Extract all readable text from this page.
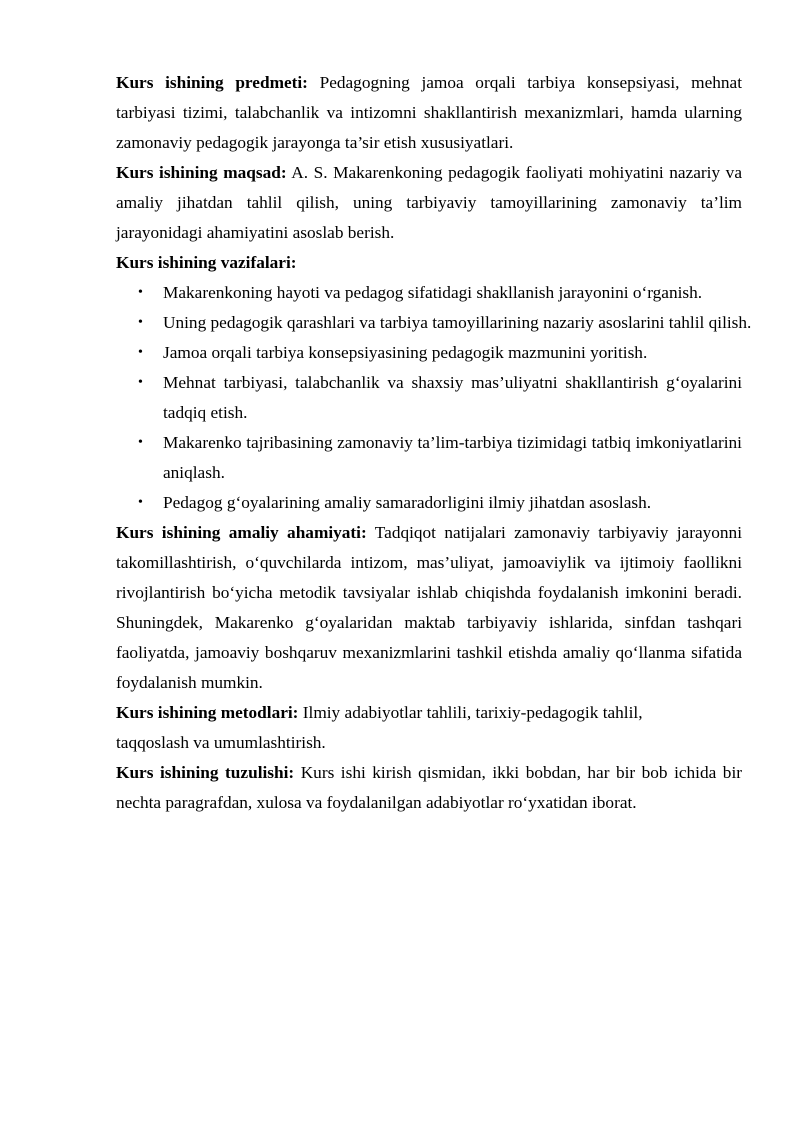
Kurs ishining predmeti: Pedagogning jamoa orqali tarbiya konsepsiyasi, mehnat tarbiyasi tizimi, talabchanlik va intizomni shakllantirish mexanizmlari, hamda ularning zamonaviy pedagogik jarayonga ta’sir etish xususiyatlari.

Kurs ishining maqsad: A. S. Makarenkoning pedagogik faoliyati mohiyatini nazariy va amaliy jihatdan tahlil qilish, uning tarbiyaviy tamoyillarining zamonaviy ta’lim jarayonidagi ahamiyatini asoslab berish.

Kurs ishining vazifalari:

• Makarenkoning hayoti va pedagog sifatidagi shakllanish jarayonini o‘rganish.
• Uning pedagogik qarashlari va tarbiya tamoyillarining nazariy asoslarini tahlil qilish.
• Jamoa orqali tarbiya konsepsiyasining pedagogik mazmunini yoritish.
• Mehnat tarbiyasi, talabchanlik va shaxsiy mas’uliyatni shakllantirish g‘oyalarini tadqiq etish.
• Makarenko tajribasining zamonaviy ta’lim-tarbiya tizimidagi tatbiq imkoniyatlarini aniqlash.
• Pedagog g‘oyalarining amaliy samaradorligini ilmiy jihatdan asoslash.

Kurs ishining amaliy ahamiyati: Tadqiqot natijalari zamonaviy tarbiyaviy jarayonni takomillashtirish, o‘quvchilarda intizom, mas’uliyat, jamoaviylik va ijtimoiy faollikni rivojlantirish bo‘yicha metodik tavsiyalar ishlab chiqishda foydalanish imkonini beradi. Shuningdek, Makarenko g‘oyalaridan maktab tarbiyaviy ishlarida, sinfdan tashqari faoliyatda, jamoaviy boshqaruv mexanizmlarini tashkil etishda amaliy qo‘llanma sifatida foydalanish mumkin.

Kurs ishining metodlari: Ilmiy adabiyotlar tahlili, tarixiy-pedagogik tahlil,
taqqoslash va umumlashtirish.

Kurs ishining tuzulishi: Kurs ishi kirish qismidan, ikki bobdan, har bir bob ichida bir nechta paragrafdan, xulosa va foydalanilgan adabiyotlar ro‘yxatidan iborat.
